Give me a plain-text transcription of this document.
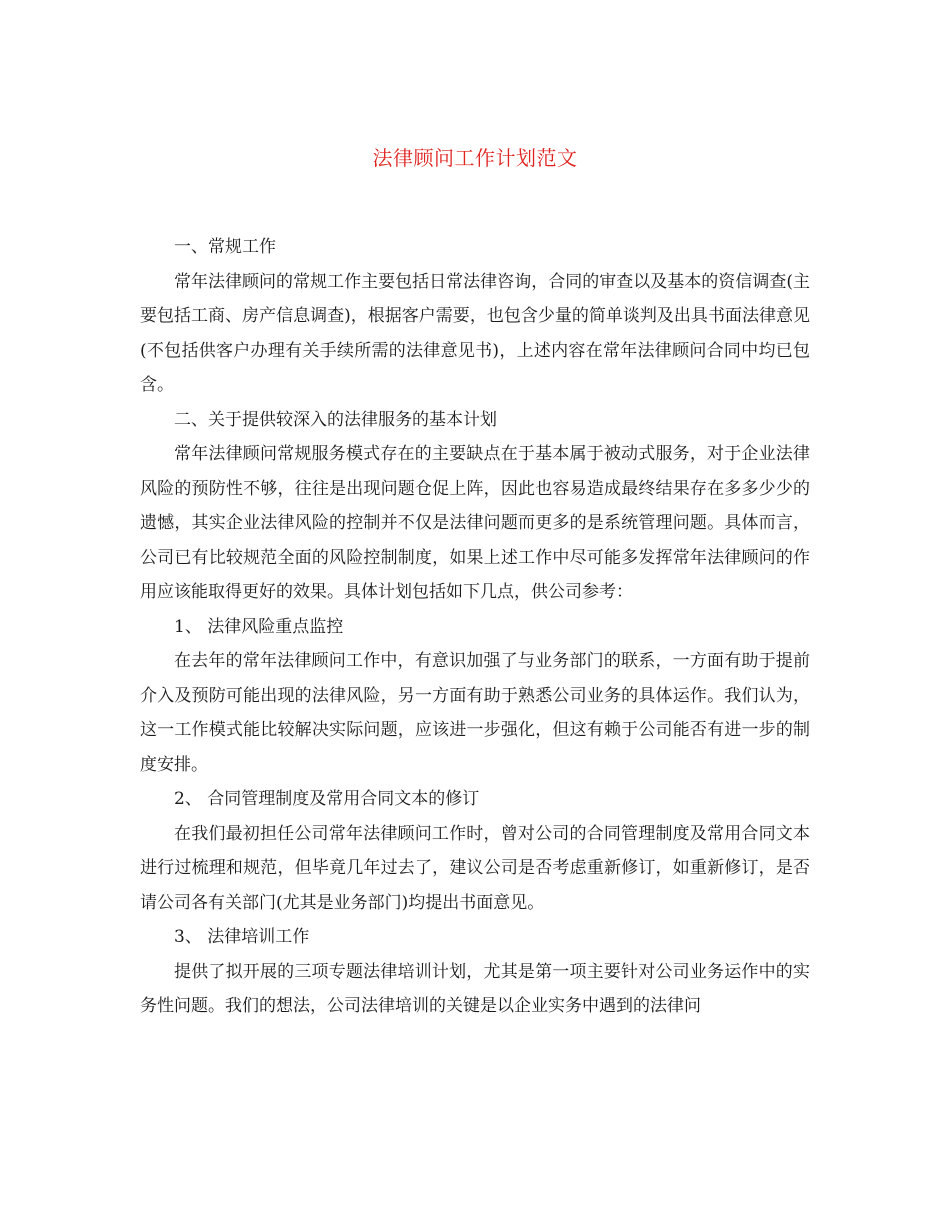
法律顾问工作计划范文

一、常规工作

常年法律顾问的常规工作主要包括日常法律咨询，合同的审查以及基本的资信调查(主要包括工商、房产信息调查)，根据客户需要，也包含少量的简单谈判及出具书面法律意见(不包括供客户办理有关手续所需的法律意见书)，上述内容在常年法律顾问合同中均已包含。

二、关于提供较深入的法律服务的基本计划

常年法律顾问常规服务模式存在的主要缺点在于基本属于被动式服务，对于企业法律风险的预防性不够，往往是出现问题仓促上阵，因此也容易造成最终结果存在多多少少的遗憾，其实企业法律风险的控制并不仅是法律问题而更多的是系统管理问题。具体而言，公司已有比较规范全面的风险控制制度，如果上述工作中尽可能多发挥常年法律顾问的作用应该能取得更好的效果。具体计划包括如下几点，供公司参考：

1、 法律风险重点监控

在去年的常年法律顾问工作中，有意识加强了与业务部门的联系，一方面有助于提前介入及预防可能出现的法律风险，另一方面有助于熟悉公司业务的具体运作。我们认为，这一工作模式能比较解决实际问题，应该进一步强化，但这有赖于公司能否有进一步的制度安排。

2、 合同管理制度及常用合同文本的修订

在我们最初担任公司常年法律顾问工作时，曾对公司的合同管理制度及常用合同文本进行过梳理和规范，但毕竟几年过去了，建议公司是否考虑重新修订，如重新修订，是否请公司各有关部门(尤其是业务部门)均提出书面意见。

3、 法律培训工作

提供了拟开展的三项专题法律培训计划，尤其是第一项主要针对公司业务运作中的实务性问题。我们的想法，公司法律培训的关键是以企业实务中遇到的法律问
